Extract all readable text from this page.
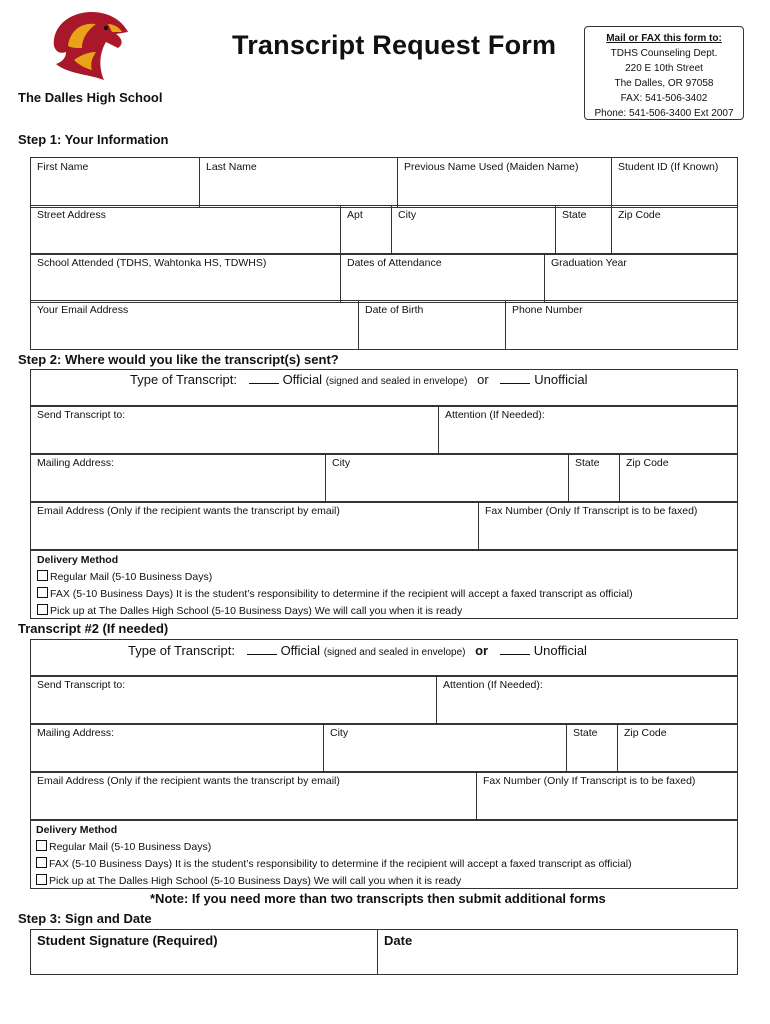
Transcript Request Form
The Dalles High School
Mail or FAX this form to:
TDHS Counseling Dept.
220 E 10th Street
The Dalles, OR 97058
FAX: 541-506-3402
Phone: 541-506-3400 Ext 2007
Step 1: Your Information
First Name	Last Name	Previous Name Used (Maiden Name)	Student ID (If Known)
Street Address	Apt	City	State	Zip Code
School Attended (TDHS, Wahtonka HS, TDWHS)	Dates of Attendance	Graduation Year
Your Email Address	Date of Birth	Phone Number
Step 2: Where would you like the transcript(s) sent?
Type of Transcript:	Official (signed and sealed in envelope) or	Unofficial
Send Transcript to:	Attention (If Needed):
Mailing Address:	City	State	Zip Code
Email Address (Only if the recipient wants the transcript by email)	Fax Number (Only If Transcript is to be faxed)
Delivery Method
Regular Mail (5-10 Business Days)
FAX (5-10 Business Days) It is the student’s responsibility to determine if the recipient will accept a faxed transcript as official)
Pick up at The Dalles High School (5-10 Business Days) We will call you when it is ready
Transcript #2 (If needed)
Type of Transcript:	Official (signed and sealed in envelope) or	Unofficial
Send Transcript to:	Attention (If Needed):
Mailing Address:	City	State	Zip Code
Email Address (Only if the recipient wants the transcript by email)	Fax Number (Only If Transcript is to be faxed)
Delivery Method
Regular Mail (5-10 Business Days)
FAX (5-10 Business Days) It is the student’s responsibility to determine if the recipient will accept a faxed transcript as official)
Pick up at The Dalles High School (5-10 Business Days) We will call you when it is ready
*Note: If you need more than two transcripts then submit additional forms
Step 3: Sign and Date
Student Signature (Required)	Date
